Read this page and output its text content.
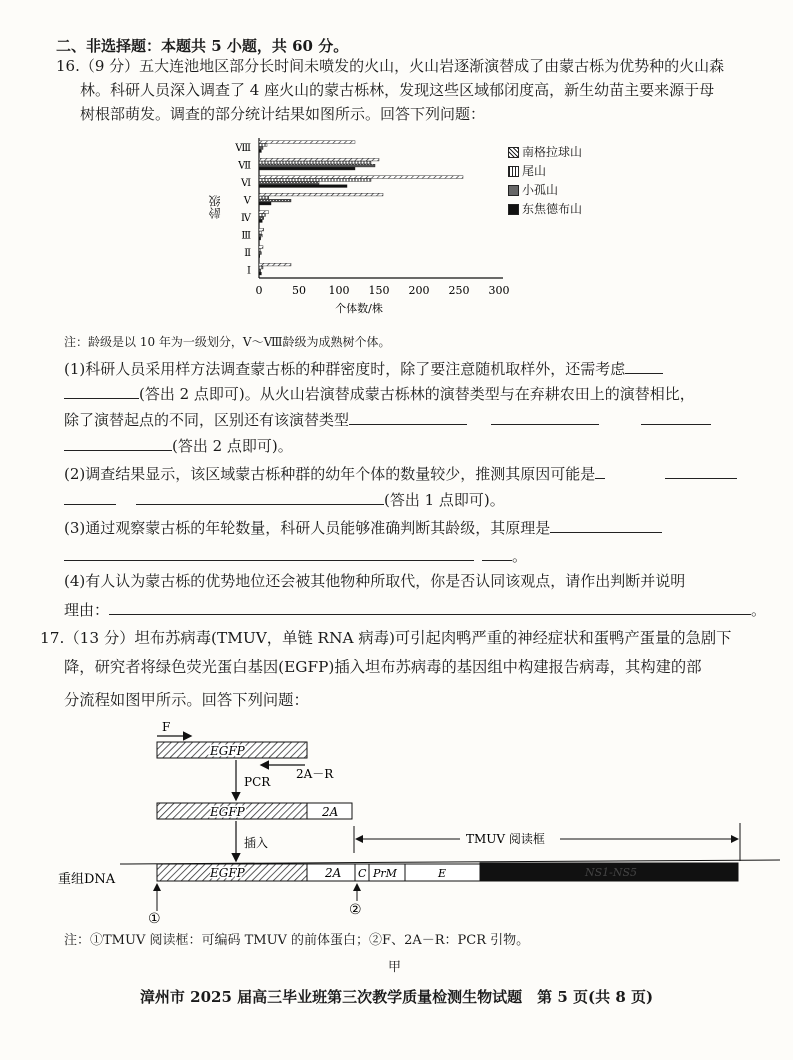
二、非选择题：本题共 5 小题，共 60 分。
16.（9 分）五大连池地区部分长时间未喷发的火山，火山岩逐渐演替成了由蒙古栎为优势种的火山森
林。科研人员深入调查了 4 座火山的蒙古栎林，发现这些区域郁闭度高，新生幼苗主要来源于母
树根部萌发。调查的部分统计结果如图所示。回答下列问题：
Ⅰ
Ⅱ
Ⅲ
Ⅳ
V
Ⅵ
Ⅶ
Ⅷ
0	50 100 150 200 250 300
个体数/株
龄级
南格拉球山
尾山
小孤山
东焦德布山
注：龄级是以 10 年为一级划分，V～Ⅷ龄级为成熟树个体。
(1)科研人员采用样方法调查蒙古栎的种群密度时，除了要注意随机取样外，还需考虑
(答出 2 点即可)。从火山岩演替成蒙古栎林的演替类型与在弃耕农田上的演替相比，
除了演替起点的不同，区别还有该演替类型
(答出 2 点即可)。
(2)调查结果显示，该区域蒙古栎种群的幼年个体的数量较少，推测其原因可能是
(答出 1 点即可)。
(3)通过观察蒙古栎的年轮数量，科研人员能够准确判断其龄级，其原理是
。
(4)有人认为蒙古栎的优势地位还会被其他物种所取代，你是否认同该观点，请作出判断并说明
理由：	。
17.（13 分）坦布苏病毒(TMUV，单链 RNA 病毒)可引起肉鸭严重的神经症状和蛋鸭产蛋量的急剧下
降，研究者将绿色荧光蛋白基因(EGFP)插入坦布苏病毒的基因组中构建报告病毒，其构建的部
分流程如图甲所示。回答下列问题：
F
EGFP
2A－R
PCR
EGFP	2A
插入	TMUV 阅读框
重组DNA	EGFP	2A C PrM	E	NS1-NS5
①
②
注：①TMUV 阅读框：可编码 TMUV 的前体蛋白；②F、2A－R：PCR 引物。
甲
漳州市 2025 届高三毕业班第三次教学质量检测生物试题　第 5 页(共 8 页)
